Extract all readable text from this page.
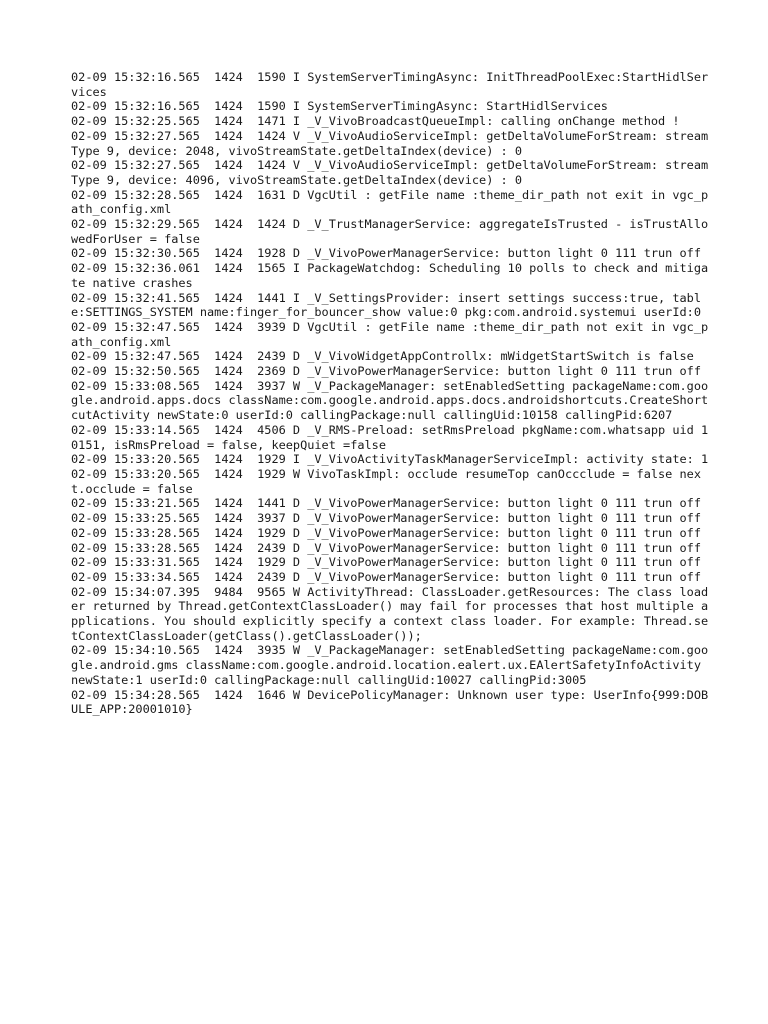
02-09 15:32:16.565  1424  1590 I SystemServerTimingAsync: InitThreadPoolExec:StartHidlServices

02-09 15:32:16.565  1424  1590 I SystemServerTimingAsync: StartHidlServices

02-09 15:32:25.565  1424  1471 I _V_VivoBroadcastQueueImpl: calling onChange method !

02-09 15:32:27.565  1424  1424 V _V_VivoAudioServiceImpl: getDeltaVolumeForStream: streamType 9, device: 2048, vivoStreamState.getDeltaIndex(device) : 0

02-09 15:32:27.565  1424  1424 V _V_VivoAudioServiceImpl: getDeltaVolumeForStream: streamType 9, device: 4096, vivoStreamState.getDeltaIndex(device) : 0

02-09 15:32:28.565  1424  1631 D VgcUtil : getFile name :theme_dir_path not exit in vgc_path_config.xml

02-09 15:32:29.565  1424  1424 D _V_TrustManagerService: aggregateIsTrusted - isTrustAllowedForUser = false

02-09 15:32:30.565  1424  1928 D _V_VivoPowerManagerService: button light 0 111 trun off

02-09 15:32:36.061  1424  1565 I PackageWatchdog: Scheduling 10 polls to check and mitigate native crashes

02-09 15:32:41.565  1424  1441 I _V_SettingsProvider: insert settings success:true, table:SETTINGS_SYSTEM name:finger_for_bouncer_show value:0 pkg:com.android.systemui userId:0

02-09 15:32:47.565  1424  3939 D VgcUtil : getFile name :theme_dir_path not exit in vgc_path_config.xml

02-09 15:32:47.565  1424  2439 D _V_VivoWidgetAppControllx: mWidgetStartSwitch is false

02-09 15:32:50.565  1424  2369 D _V_VivoPowerManagerService: button light 0 111 trun off

02-09 15:33:08.565  1424  3937 W _V_PackageManager: setEnabledSetting packageName:com.google.android.apps.docs className:com.google.android.apps.docs.androidshortcuts.CreateShortcutActivity newState:0 userId:0 callingPackage:null callingUid:10158 callingPid:6207

02-09 15:33:14.565  1424  4506 D _V_RMS-Preload: setRmsPreload pkgName:com.whatsapp uid 10151, isRmsPreload = false, keepQuiet =false

02-09 15:33:20.565  1424  1929 I _V_VivoActivityTaskManagerServiceImpl: activity state: 1

02-09 15:33:20.565  1424  1929 W VivoTaskImpl: occlude resumeTop canOccclude = false next.occlude = false

02-09 15:33:21.565  1424  1441 D _V_VivoPowerManagerService: button light 0 111 trun off

02-09 15:33:25.565  1424  3937 D _V_VivoPowerManagerService: button light 0 111 trun off

02-09 15:33:28.565  1424  1929 D _V_VivoPowerManagerService: button light 0 111 trun off

02-09 15:33:28.565  1424  2439 D _V_VivoPowerManagerService: button light 0 111 trun off

02-09 15:33:31.565  1424  1929 D _V_VivoPowerManagerService: button light 0 111 trun off

02-09 15:33:34.565  1424  2439 D _V_VivoPowerManagerService: button light 0 111 trun off

02-09 15:34:07.395  9484  9565 W ActivityThread: ClassLoader.getResources: The class loader returned by Thread.getContextClassLoader() may fail for processes that host multiple applications. You should explicitly specify a context class loader. For example: Thread.setContextClassLoader(getClass().getClassLoader());

02-09 15:34:10.565  1424  3935 W _V_PackageManager: setEnabledSetting packageName:com.google.android.gms className:com.google.android.location.ealert.ux.EAlertSafetyInfoActivity newState:1 userId:0 callingPackage:null callingUid:10027 callingPid:3005

02-09 15:34:28.565  1424  1646 W DevicePolicyManager: Unknown user type: UserInfo{999:DOBULE_APP:20001010}
